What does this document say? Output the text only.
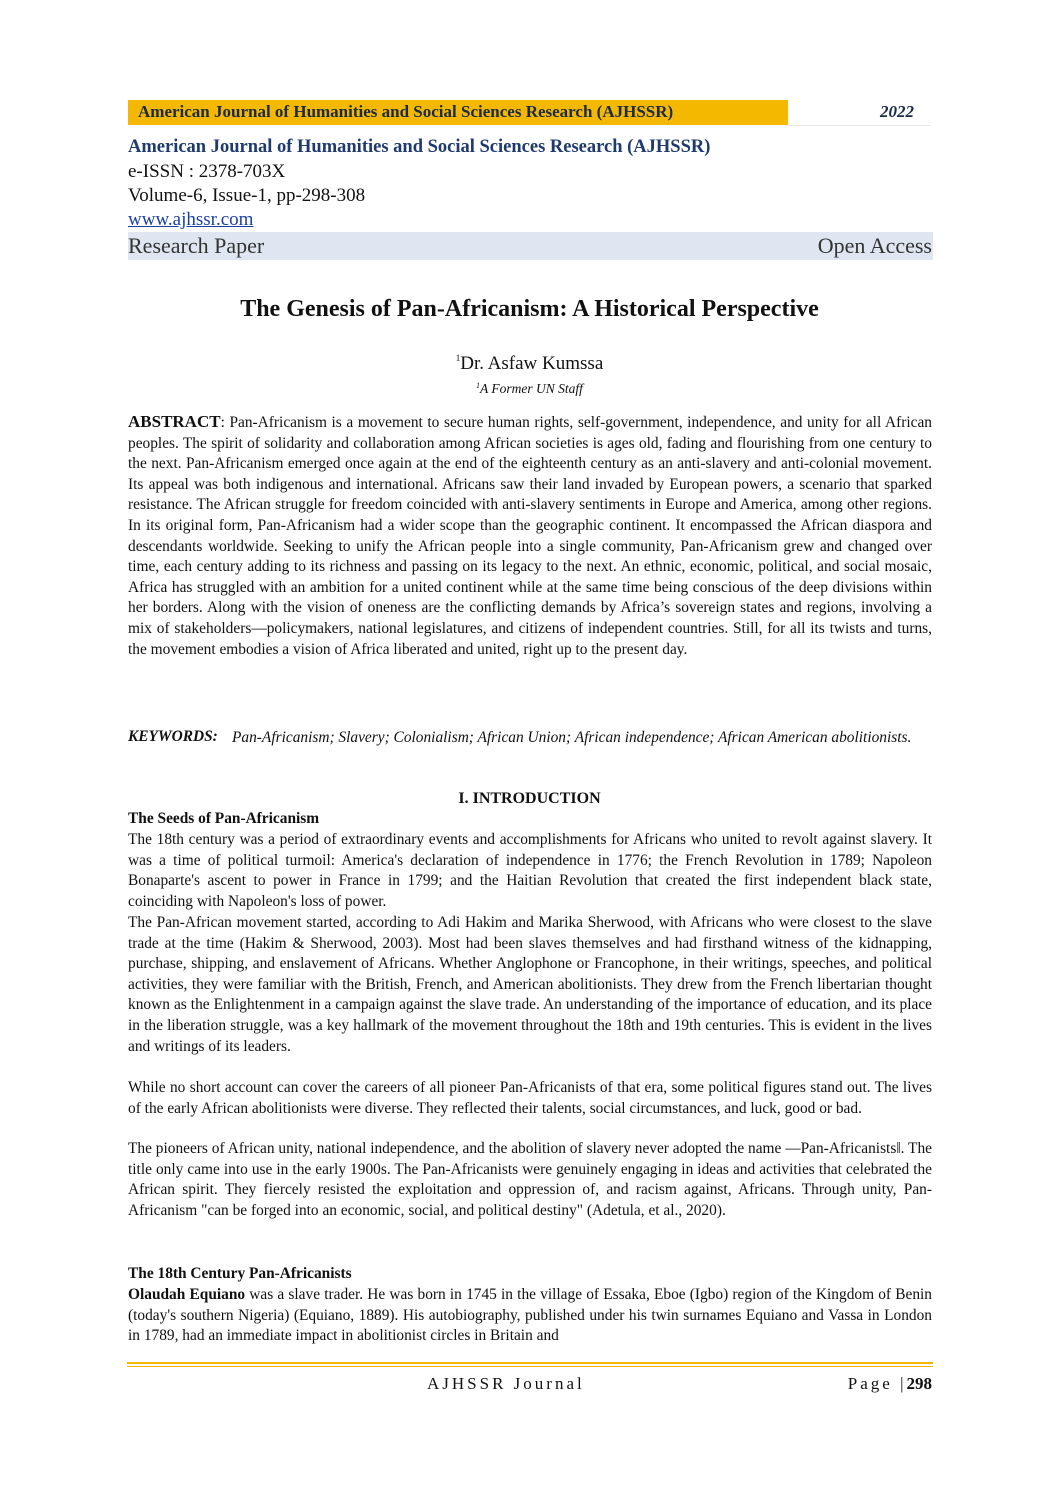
American Journal of Humanities and Social Sciences Research (AJHSSR)	2022
American Journal of Humanities and Social Sciences Research (AJHSSR)
e-ISSN : 2378-703X
Volume-6, Issue-1, pp-298-308
www.ajhssr.com
Research Paper	Open Access
The Genesis of Pan-Africanism: A Historical Perspective
$^1$Dr. Asfaw Kumssa
$^1$A Former UN Staff

ABSTRACT: Pan-Africanism is a movement to secure human rights, self-government, independence, and unity for all African peoples. The spirit of solidarity and collaboration among African societies is ages old, fading and flourishing from one century to the next. Pan-Africanism emerged once again at the end of the eighteenth century as an anti-slavery and anti-colonial movement. Its appeal was both indigenous and international. Africans saw their land invaded by European powers, a scenario that sparked resistance. The African struggle for freedom coincided with anti-slavery sentiments in Europe and America, among other regions. In its original form, Pan-Africanism had a wider scope than the geographic continent. It encompassed the African diaspora and descendants worldwide. Seeking to unify the African people into a single community, Pan-Africanism grew and changed over time, each century adding to its richness and passing on its legacy to the next. An ethnic, economic, political, and social mosaic, Africa has struggled with an ambition for a united continent while at the same time being conscious of the deep divisions within her borders. Along with the vision of oneness are the conflicting demands by Africa’s sovereign states and regions, involving a mix of stakeholders—policymakers, national legislatures, and citizens of independent countries. Still, for all its twists and turns, the movement embodies a vision of Africa liberated and united, right up to the present day.

KEYWORDS: Pan-Africanism; Slavery; Colonialism; African Union; African independence; African American abolitionists.

I. INTRODUCTION
The Seeds of Pan-Africanism

The 18th century was a period of extraordinary events and accomplishments for Africans who united to revolt against slavery. It was a time of political turmoil: America's declaration of independence in 1776; the French Revolution in 1789; Napoleon Bonaparte's ascent to power in France in 1799; and the Haitian Revolution that created the first independent black state, coinciding with Napoleon's loss of power.

The Pan-African movement started, according to Adi Hakim and Marika Sherwood, with Africans who were closest to the slave trade at the time (Hakim & Sherwood, 2003). Most had been slaves themselves and had firsthand witness of the kidnapping, purchase, shipping, and enslavement of Africans. Whether Anglophone or Francophone, in their writings, speeches, and political activities, they were familiar with the British, French, and American abolitionists. They drew from the French libertarian thought known as the Enlightenment in a campaign against the slave trade. An understanding of the importance of education, and its place in the liberation struggle, was a key hallmark of the movement throughout the 18th and 19th centuries. This is evident in the lives and writings of its leaders.

While no short account can cover the careers of all pioneer Pan-Africanists of that era, some political figures stand out. The lives of the early African abolitionists were diverse. They reflected their talents, social circumstances, and luck, good or bad.

The pioneers of African unity, national independence, and the abolition of slavery never adopted the name ―Pan-Africanists‖. The title only came into use in the early 1900s. The Pan-Africanists were genuinely engaging in ideas and activities that celebrated the African spirit. They fiercely resisted the exploitation and oppression of, and racism against, Africans. Through unity, Pan-Africanism "can be forged into an economic, social, and political destiny" (Adetula, et al., 2020).

The 18th Century Pan-Africanists

Olaudah Equiano was a slave trader. He was born in 1745 in the village of Essaka, Eboe (Igbo) region of the Kingdom of Benin (today's southern Nigeria) (Equiano, 1889). His autobiography, published under his twin surnames Equiano and Vassa in London in 1789, had an immediate impact in abolitionist circles in Britain and

AJHSSR Journal	Page |298
